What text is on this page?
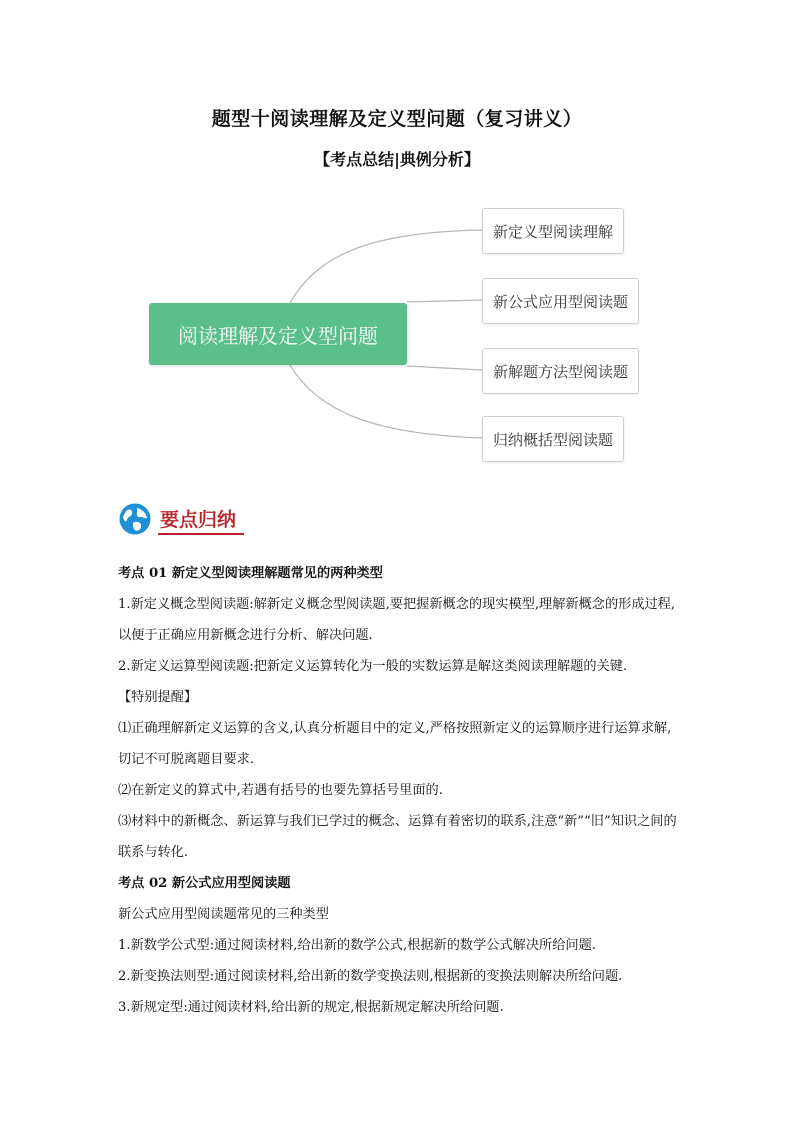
题型十阅读理解及定义型问题（复习讲义）
【考点总结|典例分析】
阅读理解及定义型问题
新定义型阅读理解
新公式应用型阅读题
新解题方法型阅读题
归纳概括型阅读题
要点归纳

考点 01 新定义型阅读理解题常见的两种类型

1.新定义概念型阅读题:解新定义概念型阅读题,要把握新概念的现实模型,理解新概念的形成过程,以便于正确应用新概念进行分析、解决问题.

2.新定义运算型阅读题:把新定义运算转化为一般的实数运算是解这类阅读理解题的关键.

【特别提醒】

⑴正确理解新定义运算的含义,认真分析题目中的定义,严格按照新定义的运算顺序进行运算求解,切记不可脱离题目要求.

⑵在新定义的算式中,若遇有括号的也要先算括号里面的.

⑶材料中的新概念、新运算与我们已学过的概念、运算有着密切的联系,注意“新”“旧”知识之间的联系与转化.

考点 02 新公式应用型阅读题

新公式应用型阅读题常见的三种类型

1.新数学公式型:通过阅读材料,给出新的数学公式,根据新的数学公式解决所给问题.

2.新变换法则型:通过阅读材料,给出新的数学变换法则,根据新的变换法则解决所给问题.

3.新规定型:通过阅读材料,给出新的规定,根据新规定解决所给问题.
